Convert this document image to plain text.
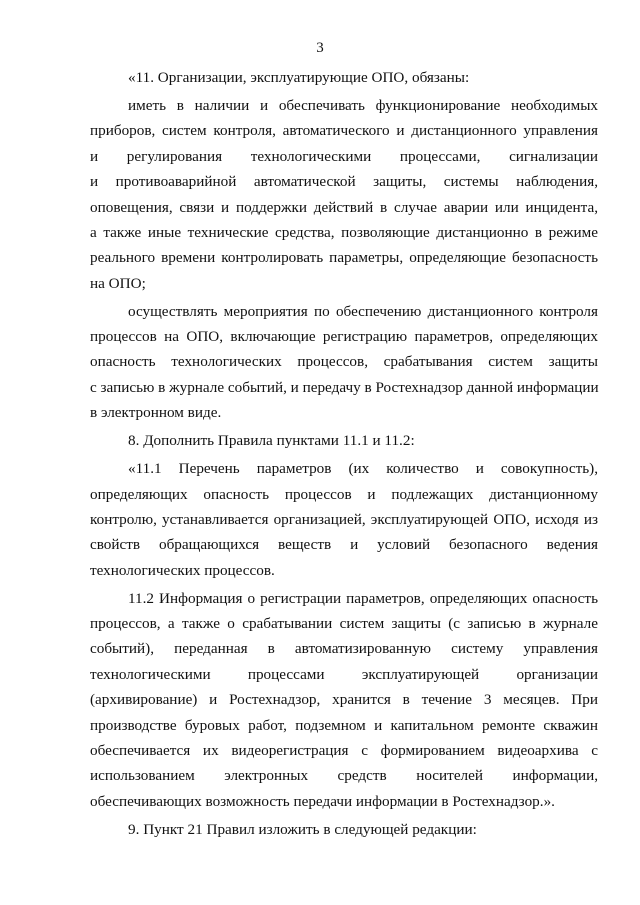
3

«11. Организации, эксплуатирующие ОПО, обязаны:

иметь в наличии и обеспечивать функционирование необходимых
приборов, систем контроля, автоматического и дистанционного управления
и регулирования технологическими процессами, сигнализации
и противоаварийной автоматической защиты, системы наблюдения,
оповещения, связи и поддержки действий в случае аварии или инцидента,
а также иные технические средства, позволяющие дистанционно в режиме
реального времени контролировать параметры, определяющие безопасность
на ОПО;

осуществлять мероприятия по обеспечению дистанционного контроля
процессов на ОПО, включающие регистрацию параметров, определяющих
опасность технологических процессов, срабатывания систем защиты
с записью в журнале событий, и передачу в Ростехнадзор данной информации
в электронном виде.

8. Дополнить Правила пунктами 11.1 и 11.2:

«11.1 Перечень параметров (их количество и совокупность),
определяющих опасность процессов и подлежащих дистанционному
контролю, устанавливается организацией, эксплуатирующей ОПО, исходя из
свойств обращающихся веществ и условий безопасного ведения
технологических процессов.

11.2 Информация о регистрации параметров, определяющих опасность
процессов, а также о срабатывании систем защиты (с записью в журнале
событий), переданная в автоматизированную систему управления
технологическими процессами эксплуатирующей организации
(архивирование) и Ростехнадзор, хранится в течение 3 месяцев. При
производстве буровых работ, подземном и капитальном ремонте скважин
обеспечивается их видеорегистрация с формированием видеоархива с
использованием электронных средств носителей информации,
обеспечивающих возможность передачи информации в Ростехнадзор.».

9. Пункт 21 Правил изложить в следующей редакции:
